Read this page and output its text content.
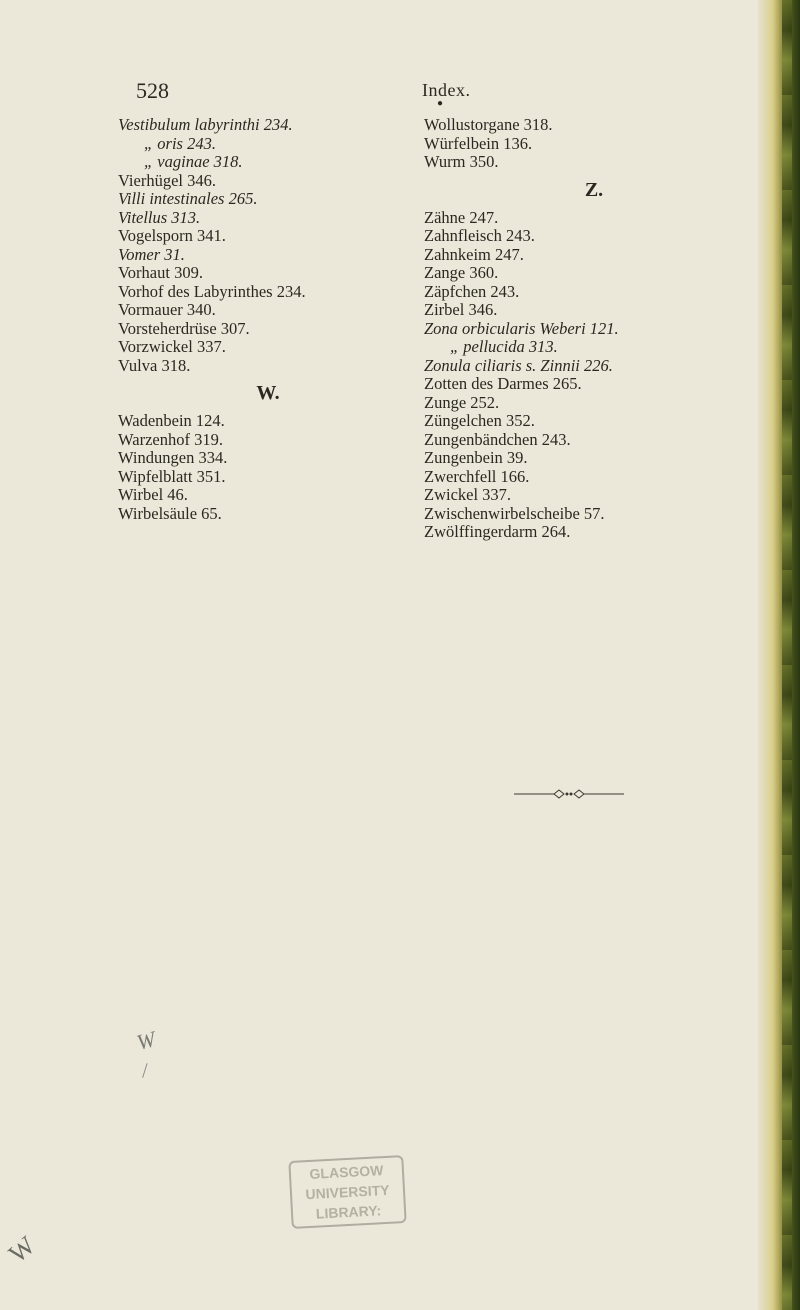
528	Index.
●
Vestibulum labyrinthi 234.
„ oris 243.
„ vaginae 318.
Vierhügel 346.
Villi intestinales 265.
Vitellus 313.
Vogelsporn 341.
Vomer 31.
Vorhaut 309.
Vorhof des Labyrinthes 234.
Vormauer 340.
Vorsteherdrüse 307.
Vorzwickel 337.
Vulva 318.
W.
Wadenbein 124.
Warzenhof 319.
Windungen 334.
Wipfelblatt 351.
Wirbel 46.
Wirbelsäule 65.
Wollustorgane 318.
Würfelbein 136.
Wurm 350.
Z.
Zähne 247.
Zahnfleisch 243.
Zahnkeim 247.
Zange 360.
Zäpfchen 243.
Zirbel 346.
Zona orbicularis Weberi 121.
„ pellucida 313.
Zonula ciliaris s. Zinnii 226.
Zotten des Darmes 265.
Zunge 252.
Züngelchen 352.
Zungenbändchen 243.
Zungenbein 39.
Zwerchfell 166.
Zwickel 337.
Zwischenwirbelscheibe 57.
Zwölffingerdarm 264.
W
/
W
GLASGOW
UNIVERSITY
LIBRARY:
